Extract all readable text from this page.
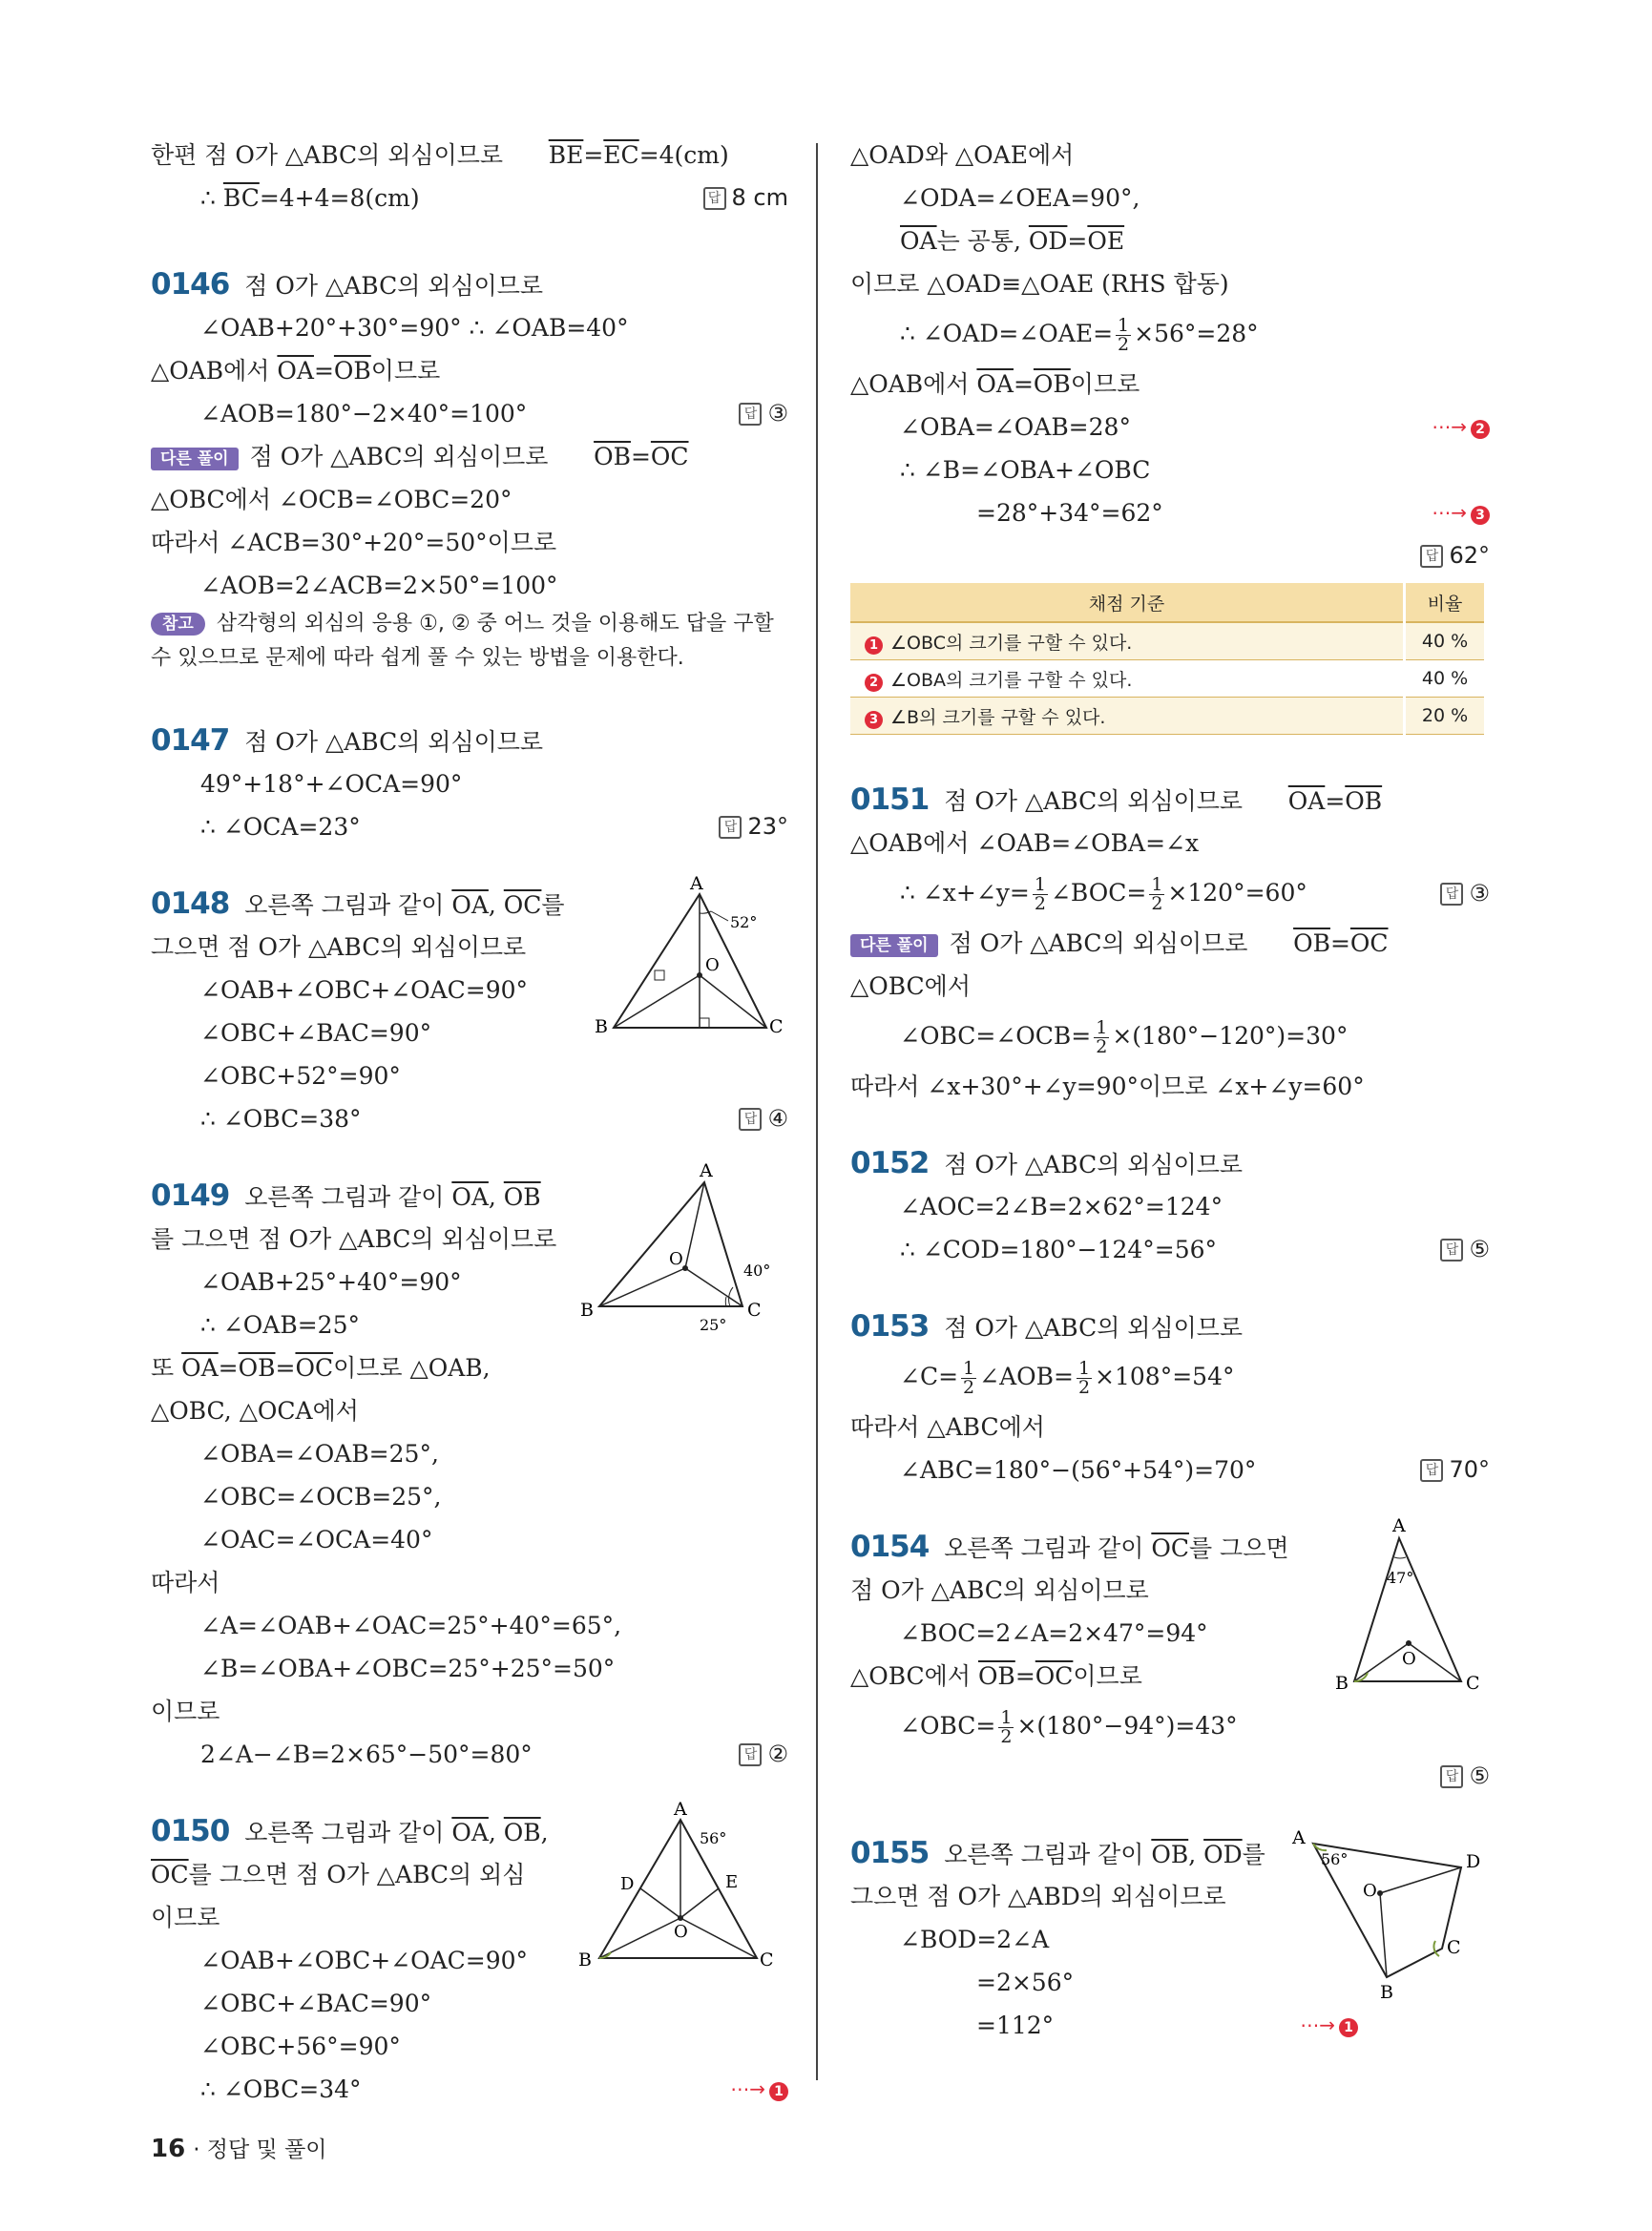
한편 점 O가 △ABC의 외심이므로 $\overline{BE}=\overline{EC}=4(cm)$
∴ $\overline{BC}=4+4=8(cm)$	답 8 cm
0146 점 O가 △ABC의 외심이므로
∠OAB+20°+30°=90° ∴ ∠OAB=40°
△OAB에서 $\overline{OA}=\overline{OB}$이므로
∠AOB=180°−2×40°=100°	답 ③
다른 풀이 점 O가 △ABC의 외심이므로 $\overline{OB}=\overline{OC}$
△OBC에서 ∠OCB=∠OBC=20°
따라서 ∠ACB=30°+20°=50°이므로
∠AOB=2∠ACB=2×50°=100°
참고 삼각형의 외심의 응용 ①, ② 중 어느 것을 이용해도 답을 구할
수 있으므로 문제에 따라 쉽게 풀 수 있는 방법을 이용한다.
0147 점 O가 △ABC의 외심이므로
49°+18°+∠OCA=90°
∴ ∠OCA=23°	답 23°
0148 오른쪽 그림과 같이 $\overline{OA}$, $\overline{OC}$를
그으면 점 O가 △ABC의 외심이므로
∠OAB+∠OBC+∠OAC=90°
∠OBC+∠BAC=90°
∠OBC+52°=90°
∴ ∠OBC=38°	답 ④
A
B	C
O
52°
0149 오른쪽 그림과 같이 $\overline{OA}$, $\overline{OB}$
를 그으면 점 O가 △ABC의 외심이므로
∠OAB+25°+40°=90°
∴ ∠OAB=25°
또 $\overline{OA}=\overline{OB}=\overline{OC}$이므로 △OAB,
△OBC, △OCA에서
∠OBA=∠OAB=25°,
∠OBC=∠OCB=25°,
∠OAC=∠OCA=40°
따라서
∠A=∠OAB+∠OAC=25°+40°=65°,
∠B=∠OBA+∠OBC=25°+25°=50°
이므로
2∠A−∠B=2×65°−50°=80°	답 ②
A
B	C
O
40°
25°
0150 오른쪽 그림과 같이 $\overline{OA}$, $\overline{OB}$,
$\overline{OC}$를 그으면 점 O가 △ABC의 외심
이므로
∠OAB+∠OBC+∠OAC=90°
∠OBC+∠BAC=90°
∠OBC+56°=90°
∴ ∠OBC=34°	⋯→ 1
A
B	C
D	E
O
56°
△OAD와 △OAE에서
∠ODA=∠OEA=90°,
$\overline{OA}$는 공통, $\overline{OD}=\overline{OE}$
이므로 △OAD≡△OAE (RHS 합동)
∴ ∠OAD=∠OAE= $\frac{1}{2} \times 56^\circ=28^\circ$
△OAB에서 $\overline{OA}=\overline{OB}$이므로
∠OBA=∠OAB=28°	⋯→ 2
∴ ∠B=∠OBA+∠OBC
=28°+34°=62°	⋯→ 3
답 62°
채점 기준	비율
1 ∠OBC의 크기를 구할 수 있다.	40 %
2 ∠OBA의 크기를 구할 수 있다.	40 %
3 ∠B의 크기를 구할 수 있다.	20 %
0151 점 O가 △ABC의 외심이므로 $\overline{OA}=\overline{OB}$
△OAB에서 ∠OAB=∠OBA=∠x
∴ ∠x+∠y= $\frac{1}{2}$ ∠BOC= $\frac{1}{2} \times 120^\circ=60^\circ$	답 ③
다른 풀이 점 O가 △ABC의 외심이므로 $\overline{OB}=\overline{OC}$
△OBC에서
∠OBC=∠OCB= $\frac{1}{2} \times(180^\circ-120^\circ)=30^\circ$
따라서 ∠x+30°+∠y=90°이므로 ∠x+∠y=60°
0152 점 O가 △ABC의 외심이므로
∠AOC=2∠B=2×62°=124°
∴ ∠COD=180°−124°=56°	답 ⑤
0153 점 O가 △ABC의 외심이므로
∠C= $\frac{1}{2}$ ∠AOB= $\frac{1}{2} \times 108^\circ=54^\circ$
따라서 △ABC에서
∠ABC=180°−(56°+54°)=70°	답 70°
0154 오른쪽 그림과 같이 $\overline{OC}$를 그으면
점 O가 △ABC의 외심이므로
∠BOC=2∠A=2×47°=94°
△OBC에서 $\overline{OB}=\overline{OC}$이므로
∠OBC= $\frac{1}{2} \times(180^\circ-94^\circ)=43^\circ$
답 ⑤
A
B	C
O
47°
0155 오른쪽 그림과 같이 $\overline{OB}$, $\overline{OD}$를
그으면 점 O가 △ABD의 외심이므로
∠BOD=2∠A
=2×56°
=112°	⋯→ 1
A
B
C
D
O
56°
16 · 정답 및 풀이
